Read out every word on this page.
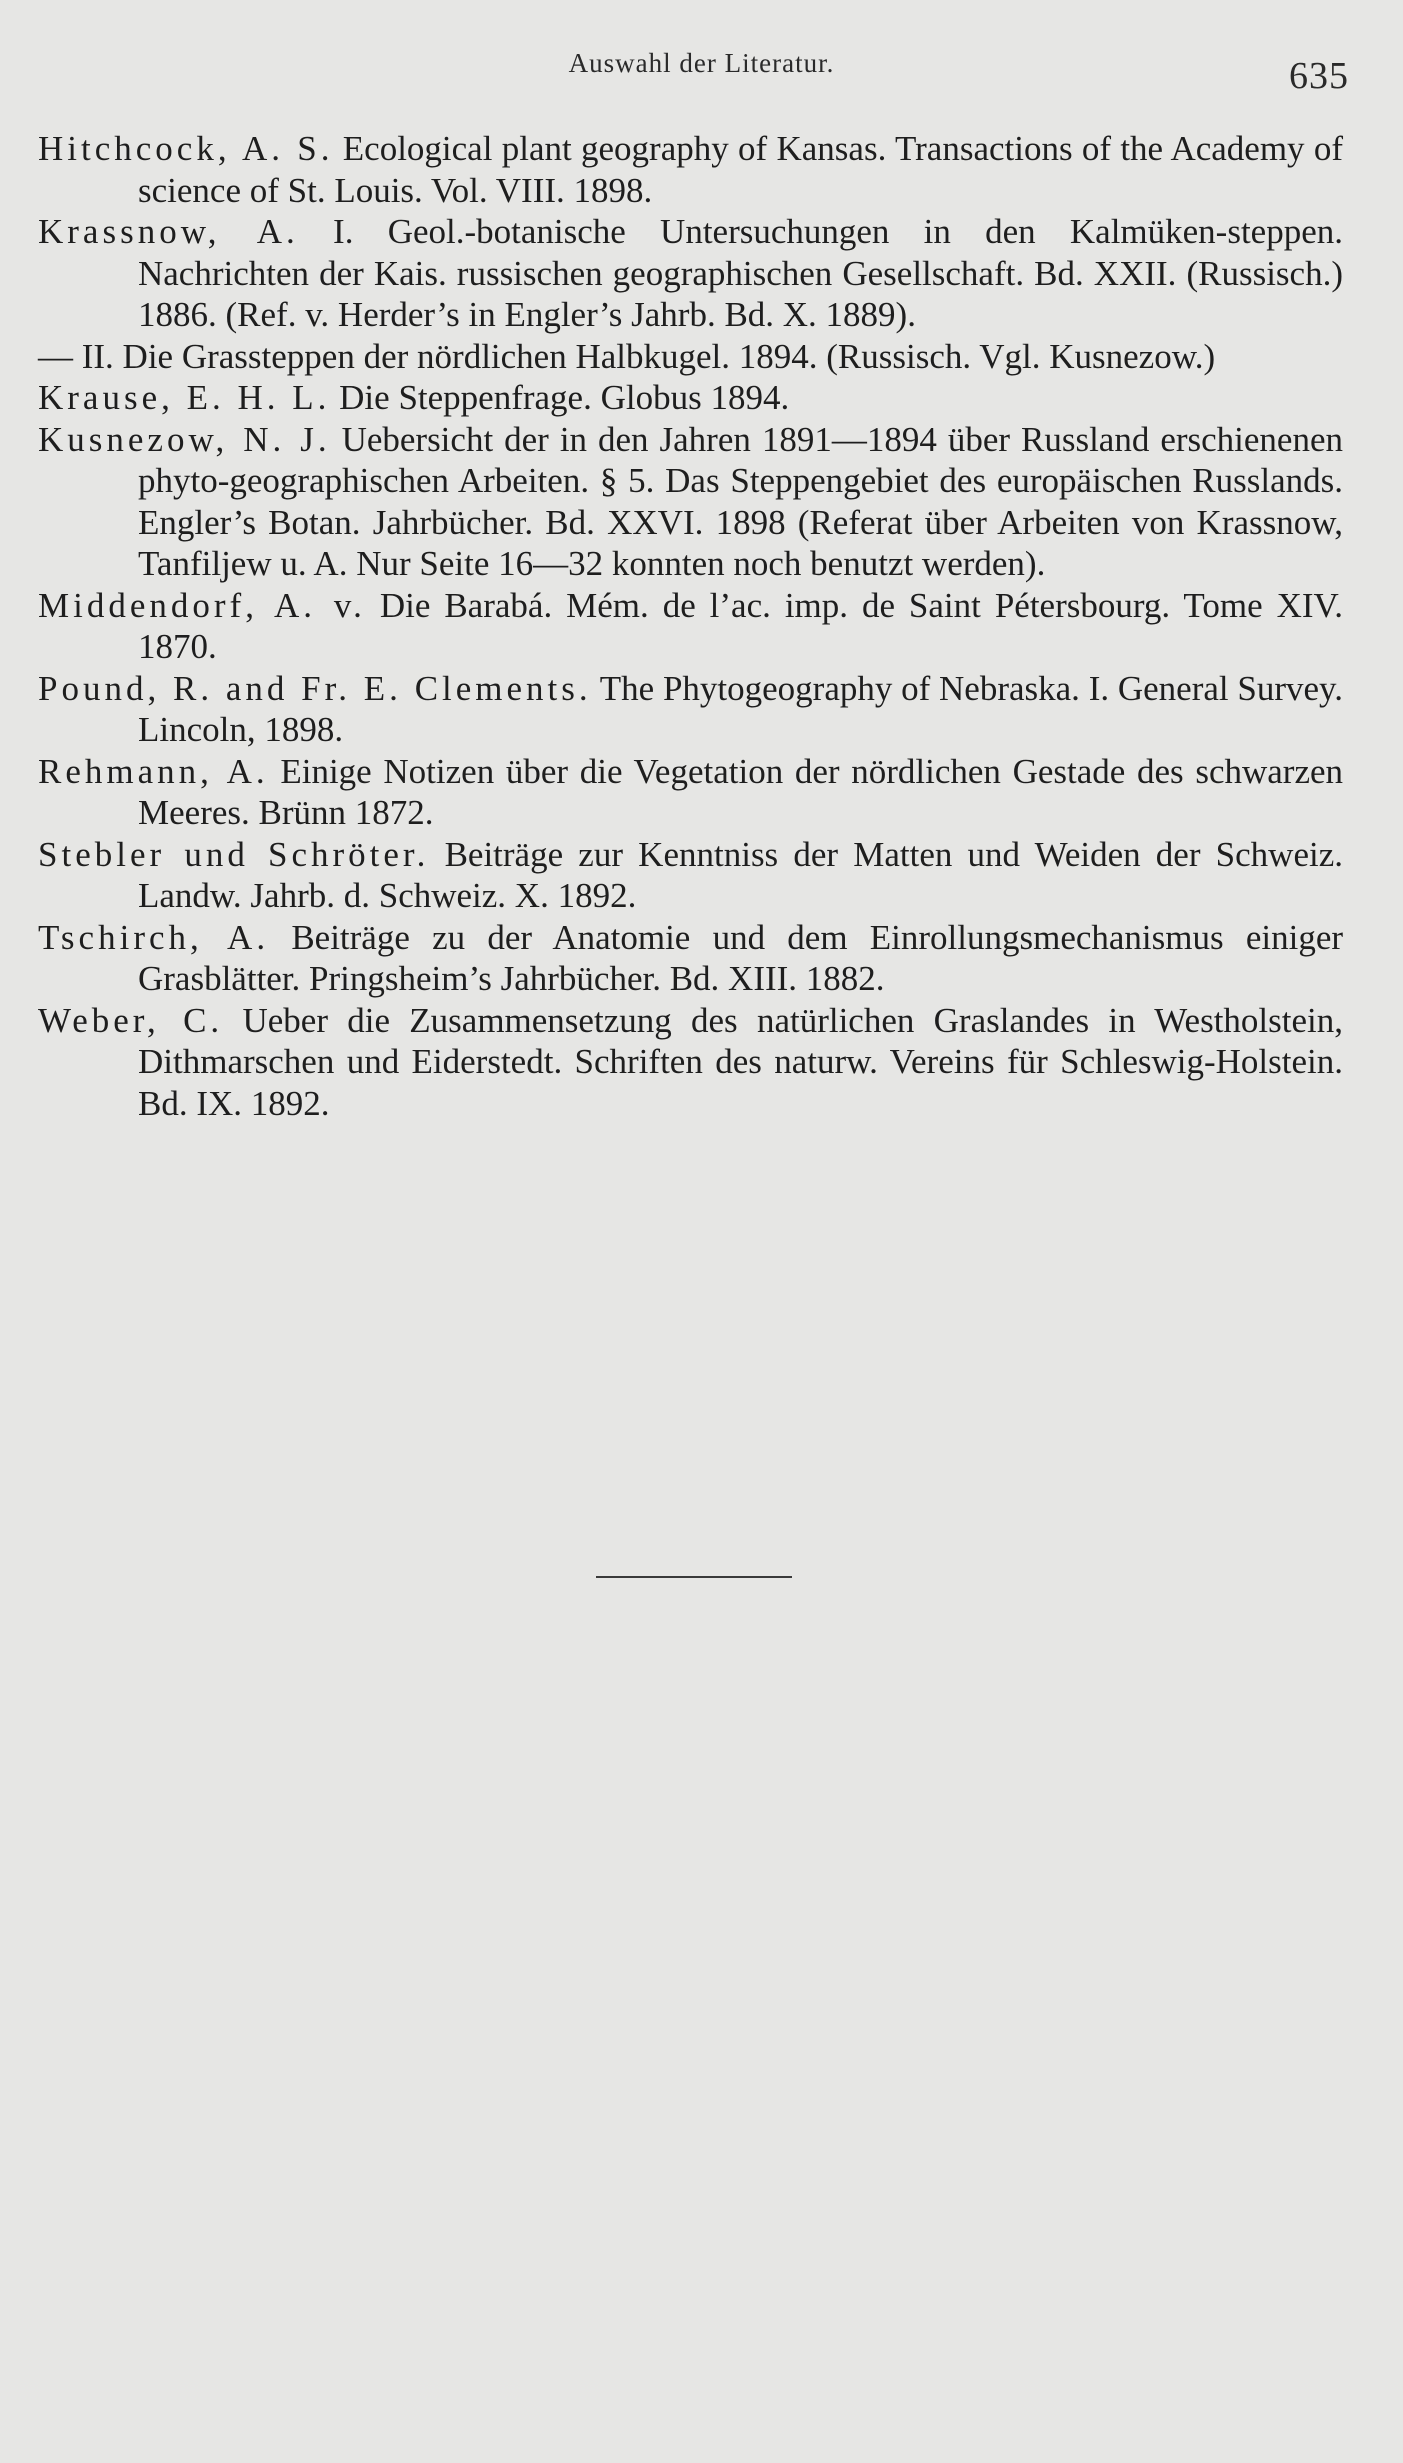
Auswahl der Literatur.	635
Hitchcock, A. S. Ecological plant geography of Kansas. Transactions of the Academy of science of St. Louis. Vol. VIII. 1898.
Krassnow, A. I. Geol.-botanische Untersuchungen in den Kalmüken-steppen. Nachrichten der Kais. russischen geographischen Gesellschaft. Bd. XXII. (Russisch.) 1886. (Ref. v. Herder’s in Engler’s Jahrb. Bd. X. 1889).
— II. Die Grassteppen der nördlichen Halbkugel. 1894. (Russisch. Vgl. Kusnezow.)
Krause, E. H. L. Die Steppenfrage. Globus 1894.
Kusnezow, N. J. Uebersicht der in den Jahren 1891—1894 über Russland erschienenen phyto-geographischen Arbeiten. § 5. Das Steppengebiet des europäischen Russlands. Engler’s Botan. Jahrbücher. Bd. XXVI. 1898 (Referat über Arbeiten von Krassnow, Tanfiljew u. A. Nur Seite 16—32 konnten noch benutzt werden).
Middendorf, A. v. Die Barabá. Mém. de l’ac. imp. de Saint Pétersbourg. Tome XIV. 1870.
Pound, R. and Fr. E. Clements. The Phytogeography of Nebraska. I. General Survey. Lincoln, 1898.
Rehmann, A. Einige Notizen über die Vegetation der nördlichen Gestade des schwarzen Meeres. Brünn 1872.
Stebler und Schröter. Beiträge zur Kenntniss der Matten und Weiden der Schweiz. Landw. Jahrb. d. Schweiz. X. 1892.
Tschirch, A. Beiträge zu der Anatomie und dem Einrollungsmechanismus einiger Grasblätter. Pringsheim’s Jahrbücher. Bd. XIII. 1882.
Weber, C. Ueber die Zusammensetzung des natürlichen Graslandes in Westholstein, Dithmarschen und Eiderstedt. Schriften des naturw. Vereins für Schleswig-Holstein. Bd. IX. 1892.
